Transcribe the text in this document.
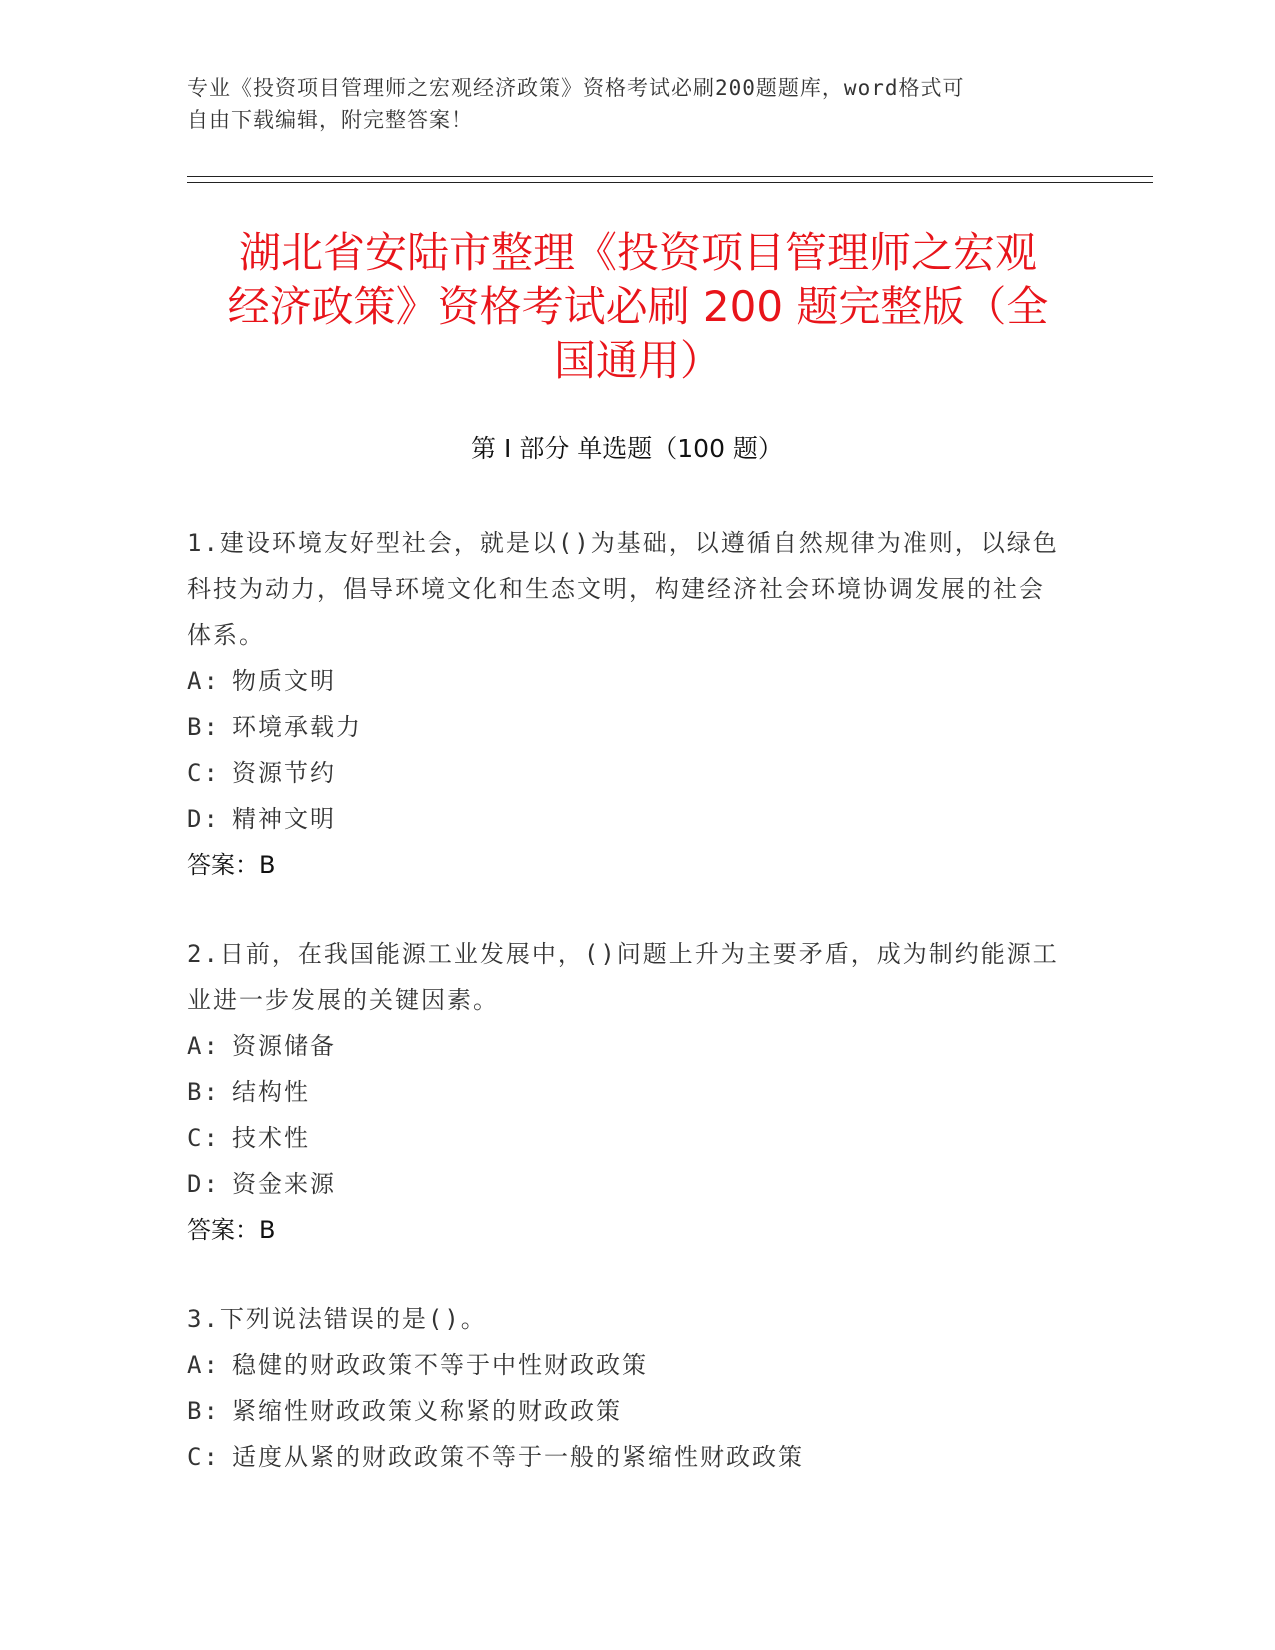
专业《投资项目管理师之宏观经济政策》资格考试必刷200题题库，word格式可
自由下载编辑，附完整答案！
湖北省安陆市整理《投资项目管理师之宏观
经济政策》资格考试必刷 200 题完整版（全
国通用）
第 I 部分 单选题（100 题）
1.建设环境友好型社会，就是以()为基础，以遵循自然规律为准则，以绿色科技为动力，倡导环境文化和生态文明，构建经济社会环境协调发展的社会体系。
A: 物质文明
B: 环境承载力
C: 资源节约
D: 精神文明
答案：B
2.日前，在我国能源工业发展中，()问题上升为主要矛盾，成为制约能源工业进一步发展的关键因素。
A: 资源储备
B: 结构性
C: 技术性
D: 资金来源
答案：B
3.下列说法错误的是()。
A: 稳健的财政政策不等于中性财政政策
B: 紧缩性财政政策义称紧的财政政策
C: 适度从紧的财政政策不等于一般的紧缩性财政政策
